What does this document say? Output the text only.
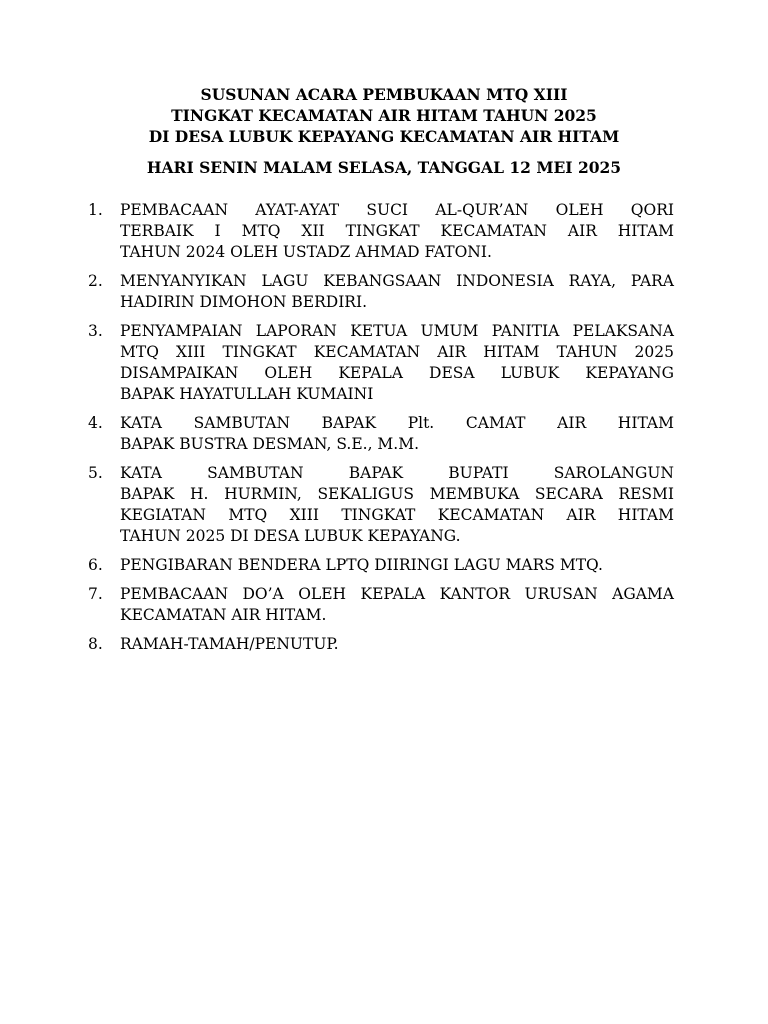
SUSUNAN ACARA PEMBUKAAN MTQ XIII
TINGKAT KECAMATAN AIR HITAM TAHUN 2025
DI DESA LUBUK KEPAYANG KECAMATAN AIR HITAM
HARI SENIN MALAM SELASA, TANGGAL 12 MEI 2025
1.	PEMBACAAN AYAT-AYAT SUCI AL-QUR’AN OLEH QORI
TERBAIK I MTQ XII TINGKAT KECAMATAN AIR HITAM
TAHUN 2024 OLEH USTADZ AHMAD FATONI.
2.	MENYANYIKAN LAGU KEBANGSAAN INDONESIA RAYA, PARA
HADIRIN DIMOHON BERDIRI.
3.	PENYAMPAIAN LAPORAN KETUA UMUM PANITIA PELAKSANA
MTQ XIII TINGKAT KECAMATAN AIR HITAM TAHUN 2025
DISAMPAIKAN OLEH KEPALA DESA LUBUK KEPAYANG
BAPAK HAYATULLAH KUMAINI
4.	KATA SAMBUTAN BAPAK Plt. CAMAT AIR HITAM
BAPAK BUSTRA DESMAN, S.E., M.M.
5.	KATA SAMBUTAN BAPAK BUPATI SAROLANGUN
BAPAK H. HURMIN, SEKALIGUS MEMBUKA SECARA RESMI
KEGIATAN MTQ XIII TINGKAT KECAMATAN AIR HITAM
TAHUN 2025 DI DESA LUBUK KEPAYANG.
6.	PENGIBARAN BENDERA LPTQ DIIRINGI LAGU MARS MTQ.
7.	PEMBACAAN DO’A OLEH KEPALA KANTOR URUSAN AGAMA
KECAMATAN AIR HITAM.
8.	RAMAH-TAMAH/PENUTUP.
